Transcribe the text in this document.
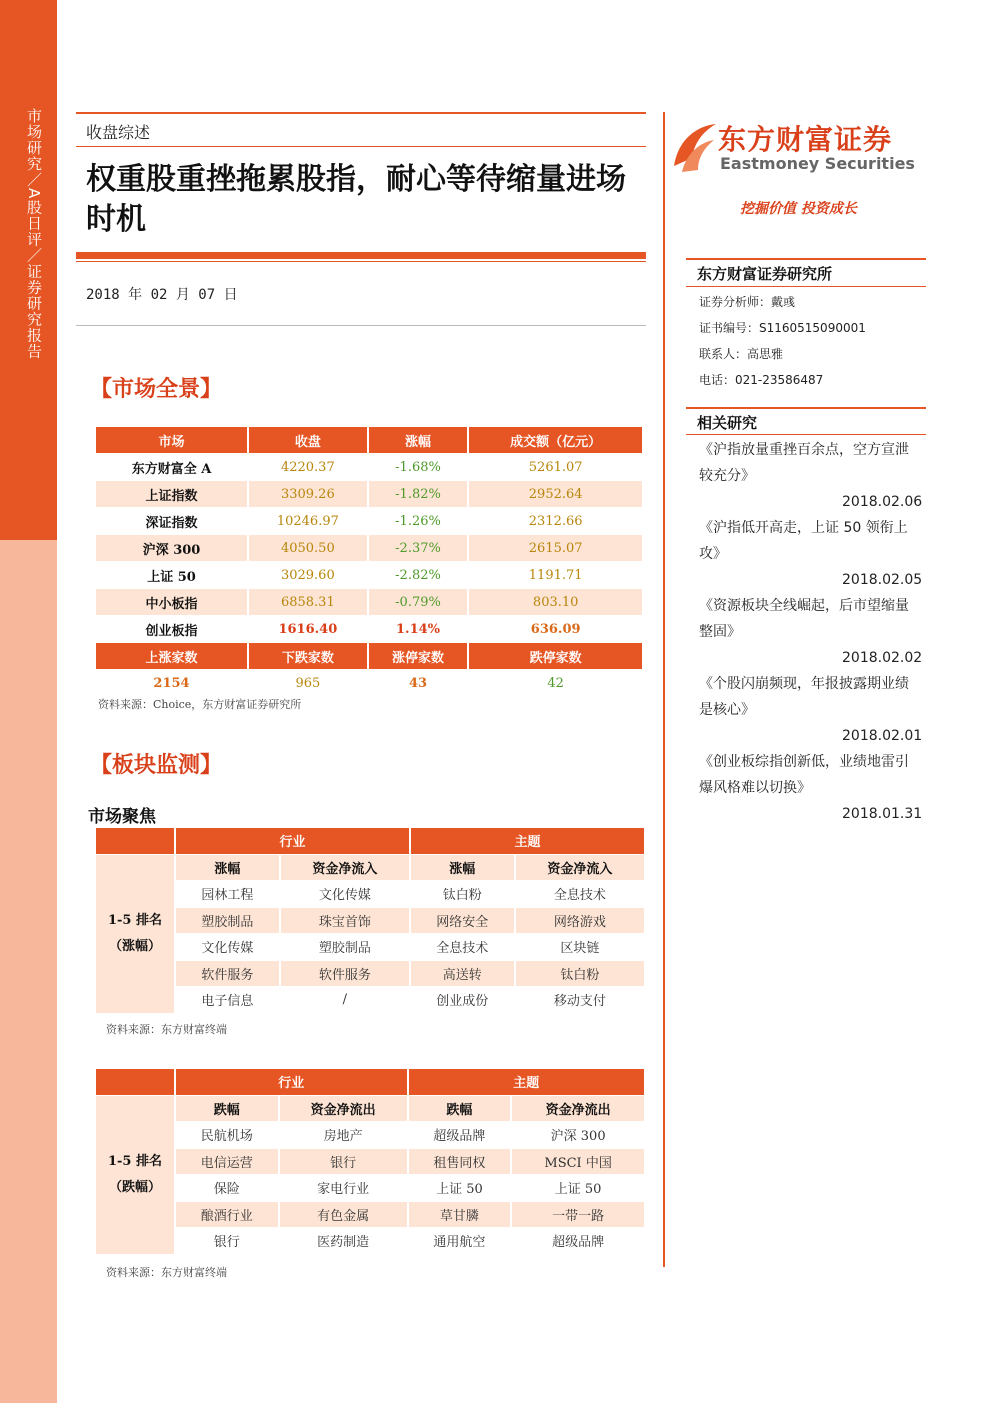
市场研究／A股日评／证券研究报告	收盘综述
权重股重挫拖累股指，耐心等待缩量进场时机
2018 年 02 月 07 日
【市场全景】
市场	收盘	涨幅	成交额（亿元）
东方财富全 A	4220.37	-1.68%	5261.07
上证指数	3309.26	-1.82%	2952.64
深证指数	10246.97	-1.26%	2312.66
沪深 300	4050.50	-2.37%	2615.07
上证 50	3029.60	-2.82%	1191.71
中小板指	6858.31	-0.79%	803.10
创业板指	1616.40	1.14%	636.09
上涨家数	下跌家数	涨停家数	跌停家数
2154	965	43	42
资料来源：Choice，东方财富证券研究所
【板块监测】
市场聚焦
	行业		主题	

1-5 排名
（涨幅）	涨幅	资金净流入	涨幅	资金净流入
	园林工程	文化传媒	钛白粉	全息技术
	塑胶制品	珠宝首饰	网络安全	网络游戏
	文化传媒	塑胶制品	全息技术	区块链
	软件服务	软件服务	高送转	钛白粉
	电子信息	/	创业成份	移动支付
资料来源：东方财富终端
	行业		主题	

1-5 排名
（跌幅）	跌幅	资金净流出	跌幅	资金净流出
	民航机场	房地产	超级品牌	沪深 300
	电信运营	银行	租售同权	MSCI 中国
	保险	家电行业	上证 50	上证 50
	酿酒行业	有色金属	草甘膦	一带一路
	银行	医药制造	通用航空	超级品牌
资料来源：东方财富终端
东方财富证券
Eastmoney Securities
挖掘价值 投资成长
东方财富证券研究所
证券分析师：戴彧
证书编号：S1160515090001
联系人：高思雅
电话：021-23586487
相关研究
《沪指放量重挫百余点，空方宣泄较充分》
2018.02.06
《沪指低开高走，上证 50 领衔上攻》
2018.02.05
《资源板块全线崛起，后市望缩量整固》
2018.02.02
《个股闪崩频现，年报披露期业绩是核心》
2018.02.01
《创业板综指创新低，业绩地雷引爆风格难以切换》
2018.01.31
